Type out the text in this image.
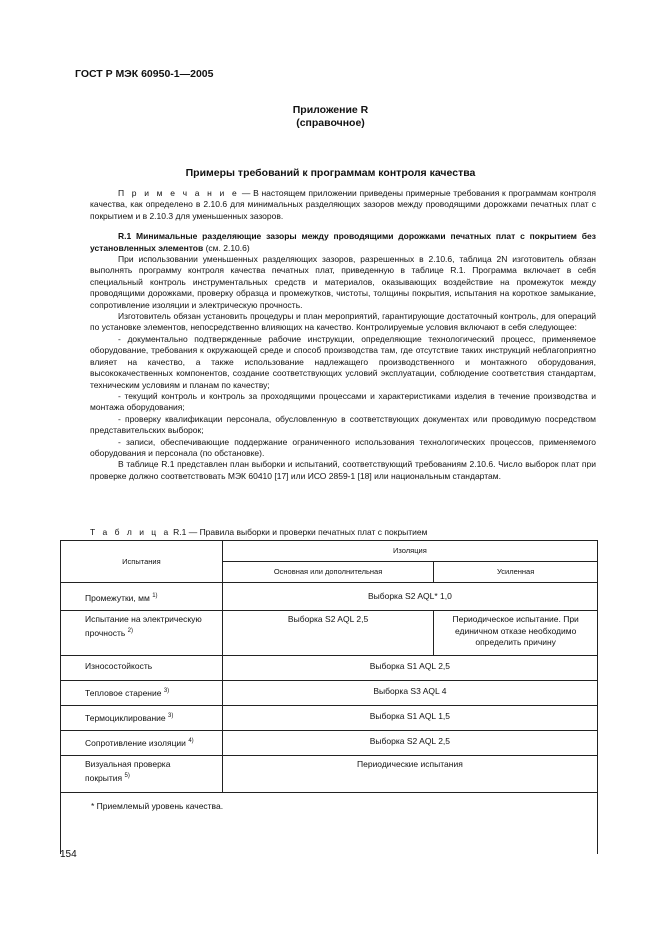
ГОСТ Р МЭК 60950-1—2005
Приложение R
(справочное)
Примеры требований к программам контроля качества

П р и м е ч а н и е — В настоящем приложении приведены примерные требования к программам контроля качества, как определено в 2.10.6 для минимальных разделяющих зазоров между проводящими дорожками печатных плат с покрытием и в 2.10.3 для уменьшенных зазоров.

R.1 Минимальные разделяющие зазоры между проводящими дорожками печатных плат с покрытием без установленных элементов (см. 2.10.6)

При использовании уменьшенных разделяющих зазоров, разрешенных в 2.10.6, таблица 2N изготовитель обязан выполнять программу контроля качества печатных плат, приведенную в таблице R.1. Программа включает в себя специальный контроль инструментальных средств и материалов, оказывающих воздействие на промежуток между проводящими дорожками, проверку образца и промежутков, чистоты, толщины покрытия, испытания на короткое замыкание, сопротивление изоляции и электрическую прочность.

Изготовитель обязан установить процедуры и план мероприятий, гарантирующие достаточный контроль, для операций по установке элементов, непосредственно влияющих на качество. Контролируемые условия включают в себя следующее:

- документально подтвержденные рабочие инструкции, определяющие технологический процесс, применяемое оборудование, требования к окружающей среде и способ производства там, где отсутствие таких инструкций неблагоприятно влияет на качество, а также использование надлежащего производственного и монтажного оборудования, высококачественных компонентов, создание соответствующих условий эксплуатации, соблюдение соответствия стандартам, техническим условиям и планам по качеству;

- текущий контроль и контроль за проходящими процессами и характеристиками изделия в течение производства и монтажа оборудования;

- проверку квалификации персонала, обусловленную в соответствующих документах или проводимую посредством представительских выборок;

- записи, обеспечивающие поддержание ограниченного использования технологических процессов, применяемого оборудования и персонала (по обстановке).

В таблице R.1 представлен план выборки и испытаний, соответствующий требованиям 2.10.6. Число выборок плат при проверке должно соответствовать МЭК 60410 [17] или ИСО 2859-1 [18] или национальным стандартам.

Т а б л и ц а R.1 — Правила выборки и проверки печатных плат с покрытием
Испытания	Изоляция	
	Основная или дополнительная	Усиленная
Промежутки, мм $^{1)}$	Выборка S2 AQL* 1,0	
Испытание на электрическую прочность $^{2)}$	Выборка S2 AQL 2,5	Периодическое испытание. При единичном отказе необходимо определить причину
Износостойкость	Выборка S1 AQL 2,5	
Тепловое старение $^{3)}$	Выборка S3 AQL 4	
Термоциклирование $^{3)}$	Выборка S1 AQL 1,5	
Сопротивление изоляции $^{4)}$	Выборка S2 AQL 2,5	
Визуальная проверка покрытия $^{5)}$	Периодические испытания	
* Приемлемый уровень качества.		
154
